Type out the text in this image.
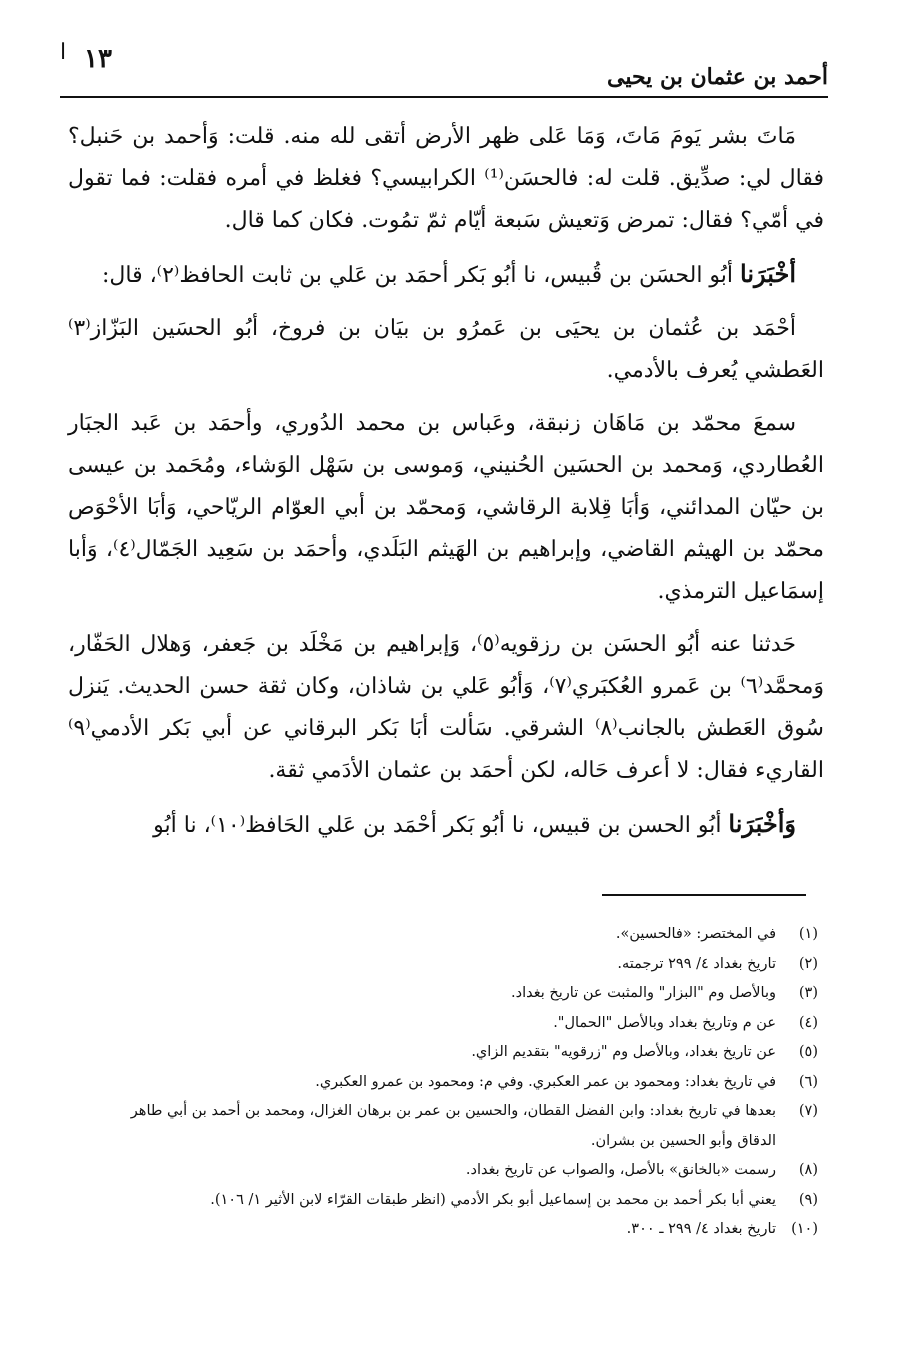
ا ١٣
أحمد بن عثمان بن يحيى

مَاتَ بشر يَومَ مَاتَ، وَمَا عَلى ظهر الأرض أتقى لله منه. قلت: وَأحمد بن حَنبل؟ فقال لي: صدِّيق. قلت له: فالحسَن⁽¹⁾ الكرابيسي؟ فغلظ في أمره فقلت: فما تقول في أمّي؟ فقال: تمرض وَتعيش سَبعة أيّام ثمّ تمُوت. فكان كما قال.

أخْبَرَنا أبُو الحسَن بن قُبيس، نا أبُو بَكر أحمَد بن عَلي بن ثابت الحافظ⁽٢⁾، قال:

أحْمَد بن عُثمان بن يحيَى بن عَمرُو بن بيَان بن فروخ، أبُو الحسَين البَزّاز⁽٣⁾ العَطشي يُعرف بالأدمي.

سمعَ محمّد بن مَاهَان زنبقة، وعَباس بن محمد الدُوري، وأحمَد بن عَبد الجبَار العُطاردي، وَمحمد بن الحسَين الحُنيني، وَموسى بن سَهْل الوَشاء، ومُحَمد بن عيسى بن حيّان المدائني، وَأبَا قِلابة الرقاشي، وَمحمّد بن أبي العوّام الريّاحي، وَأبَا الأحْوَص محمّد بن الهيثم القاضي، وإبراهيم بن الهَيثم البَلَدي، وأحمَد بن سَعِيد الجَمّال⁽٤⁾، وَأبا إسمَاعيل الترمذي.

حَدثنا عنه أبُو الحسَن بن رزقويه⁽٥⁾، وَإبراهيم بن مَخْلَد بن جَعفر، وَهلال الحَفّار، وَمحمَّد⁽٦⁾ بن عَمرو العُكبَري⁽٧⁾، وَأبُو عَلي بن شاذان، وكان ثقة حسن الحديث. يَنزل سُوق العَطش بالجانب⁽٨⁾ الشرقي. سَألت أبَا بَكر البرقاني عن أبي بَكر الأدمي⁽٩⁾ القاريء فقال: لا أعرف حَاله، لكن أحمَد بن عثمان الأدَمي ثقة.

وَأخْبَرَنا أبُو الحسن بن قبيس، نا أبُو بَكر أحْمَد بن عَلي الحَافظ⁽١٠⁾، نا أبُو

(١)
في المختصر: «فالحسين».
(٢)
تاريخ بغداد ٤/ ٢٩٩ ترجمته.
(٣)
وبالأصل وم "البزار" والمثبت عن تاريخ بغداد.
(٤)
عن م وتاريخ بغداد وبالأصل "الحمال".
(٥)
عن تاريخ بغداد، وبالأصل وم "زرقويه" بتقديم الزاي.
(٦)
في تاريخ بغداد: ومحمود بن عمر العكبري. وفي م: ومحمود بن عمرو العكبري.
(٧)
بعدها في تاريخ بغداد: وابن الفضل القطان، والحسين بن عمر بن برهان الغزال، ومحمد بن أحمد بن أبي طاهر الدقاق وأبو الحسين بن بشران.
(٨)
رسمت «بالخانق» بالأصل، والصواب عن تاريخ بغداد.
(٩)
يعني أبا بكر أحمد بن محمد بن إسماعيل أبو بكر الأدمي (انظر طبقات القرّاء لابن الأثير ١/ ١٠٦).
(١٠)
تاريخ بغداد ٤/ ٢٩٩ ـ ٣٠٠.
